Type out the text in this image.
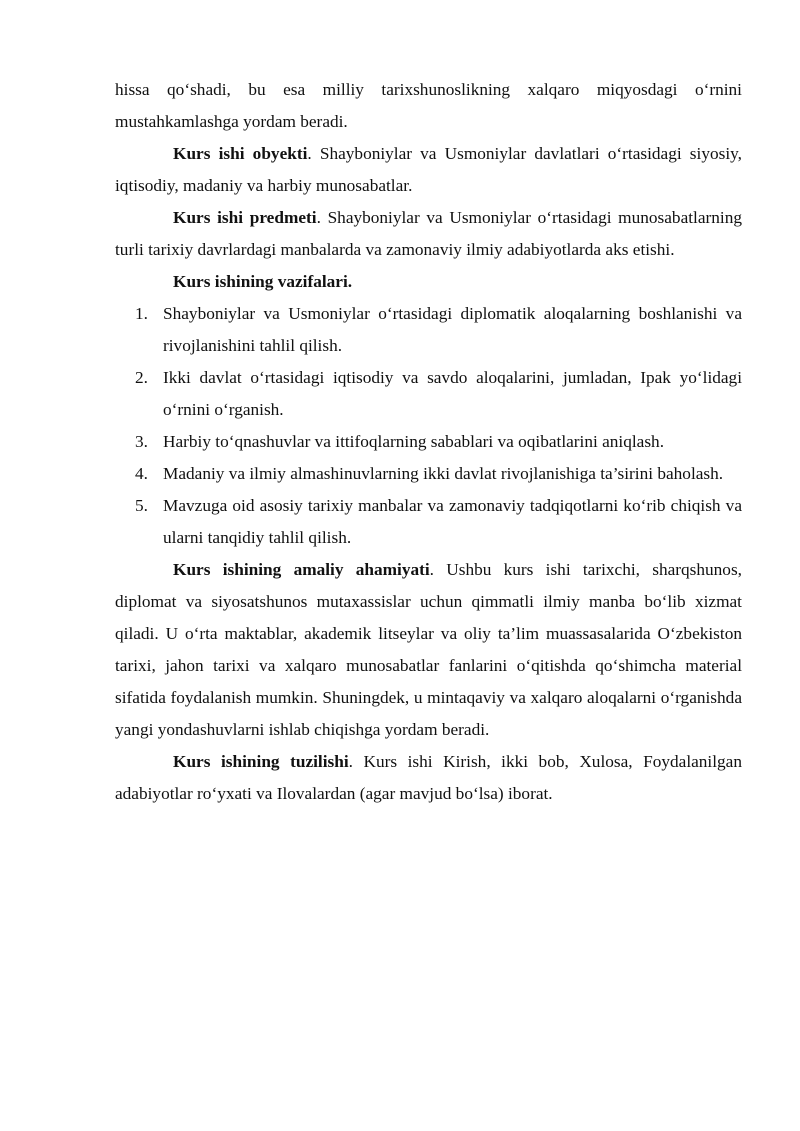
hissa qo‘shadi, bu esa milliy tarixshunoslikning xalqaro miqyosdagi o‘rnini mustahkamlashga yordam beradi.

Kurs ishi obyekti. Shayboniylar va Usmoniylar davlatlari o‘rtasidagi siyosiy, iqtisodiy, madaniy va harbiy munosabatlar.

Kurs ishi predmeti. Shayboniylar va Usmoniylar o‘rtasidagi munosabatlarning turli tarixiy davrlardagi manbalarda va zamonaviy ilmiy adabiyotlarda aks etishi.

Kurs ishining vazifalari.

1. Shayboniylar va Usmoniylar o‘rtasidagi diplomatik aloqalarning boshlanishi va rivojlanishini tahlil qilish.
2. Ikki davlat o‘rtasidagi iqtisodiy va savdo aloqalarini, jumladan, Ipak yo‘lidagi o‘rnini o‘rganish.
3. Harbiy to‘qnashuvlar va ittifoqlarning sabablari va oqibatlarini aniqlash.
4. Madaniy va ilmiy almashinuvlarning ikki davlat rivojlanishiga ta’sirini baholash.
5. Mavzuga oid asosiy tarixiy manbalar va zamonaviy tadqiqotlarni ko‘rib chiqish va ularni tanqidiy tahlil qilish.

Kurs ishining amaliy ahamiyati. Ushbu kurs ishi tarixchi, sharqshunos, diplomat va siyosatshunos mutaxassislar uchun qimmatli ilmiy manba bo‘lib xizmat qiladi. U o‘rta maktablar, akademik litseylar va oliy ta’lim muassasalarida O‘zbekiston tarixi, jahon tarixi va xalqaro munosabatlar fanlarini o‘qitishda qo‘shimcha material sifatida foydalanish mumkin. Shuningdek, u mintaqaviy va xalqaro aloqalarni o‘rganishda yangi yondashuvlarni ishlab chiqishga yordam beradi.

Kurs ishining tuzilishi. Kurs ishi Kirish, ikki bob, Xulosa, Foydalanilgan adabiyotlar ro‘yxati va Ilovalardan (agar mavjud bo‘lsa) iborat.
